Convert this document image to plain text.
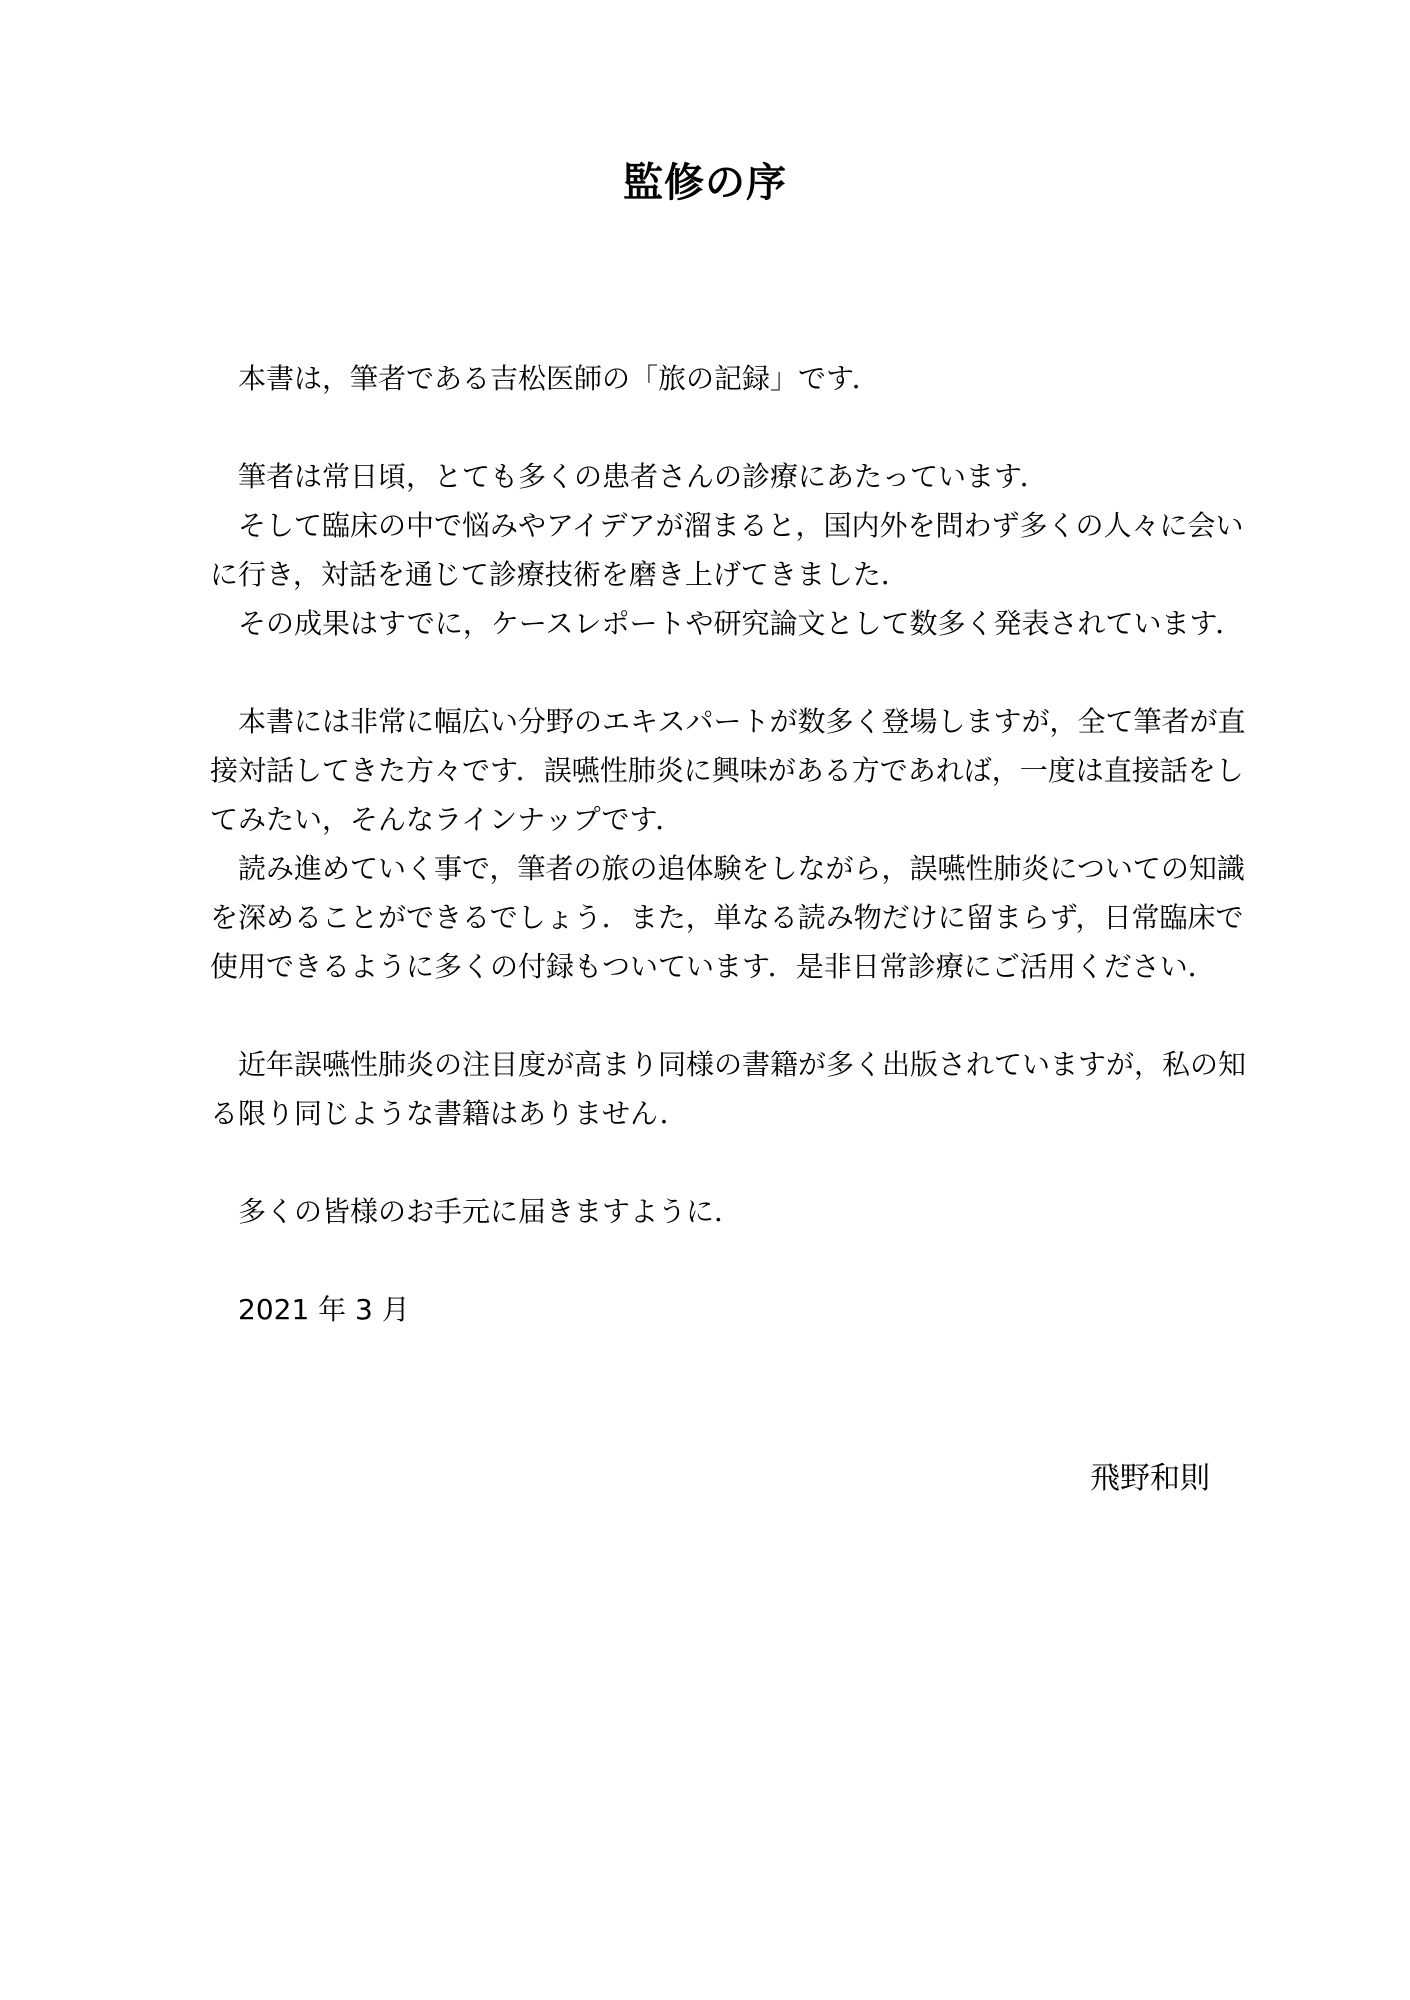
監修の序

本書は，筆者である吉松医師の「旅の記録」です．

筆者は常日頃，とても多くの患者さんの診療にあたっています．

そして臨床の中で悩みやアイデアが溜まると，国内外を問わず多くの人々に会いに行き，対話を通じて診療技術を磨き上げてきました．

その成果はすでに，ケースレポートや研究論文として数多く発表されています．

本書には非常に幅広い分野のエキスパートが数多く登場しますが，全て筆者が直接対話してきた方々です．誤嚥性肺炎に興味がある方であれば，一度は直接話をしてみたい，そんなラインナップです．

読み進めていく事で，筆者の旅の追体験をしながら，誤嚥性肺炎についての知識を深めることができるでしょう．また，単なる読み物だけに留まらず，日常臨床で使用できるように多くの付録もついています．是非日常診療にご活用ください．

近年誤嚥性肺炎の注目度が高まり同様の書籍が多く出版されていますが，私の知る限り同じような書籍はありません．

多くの皆様のお手元に届きますように．

2021 年 3 月

飛野和則
